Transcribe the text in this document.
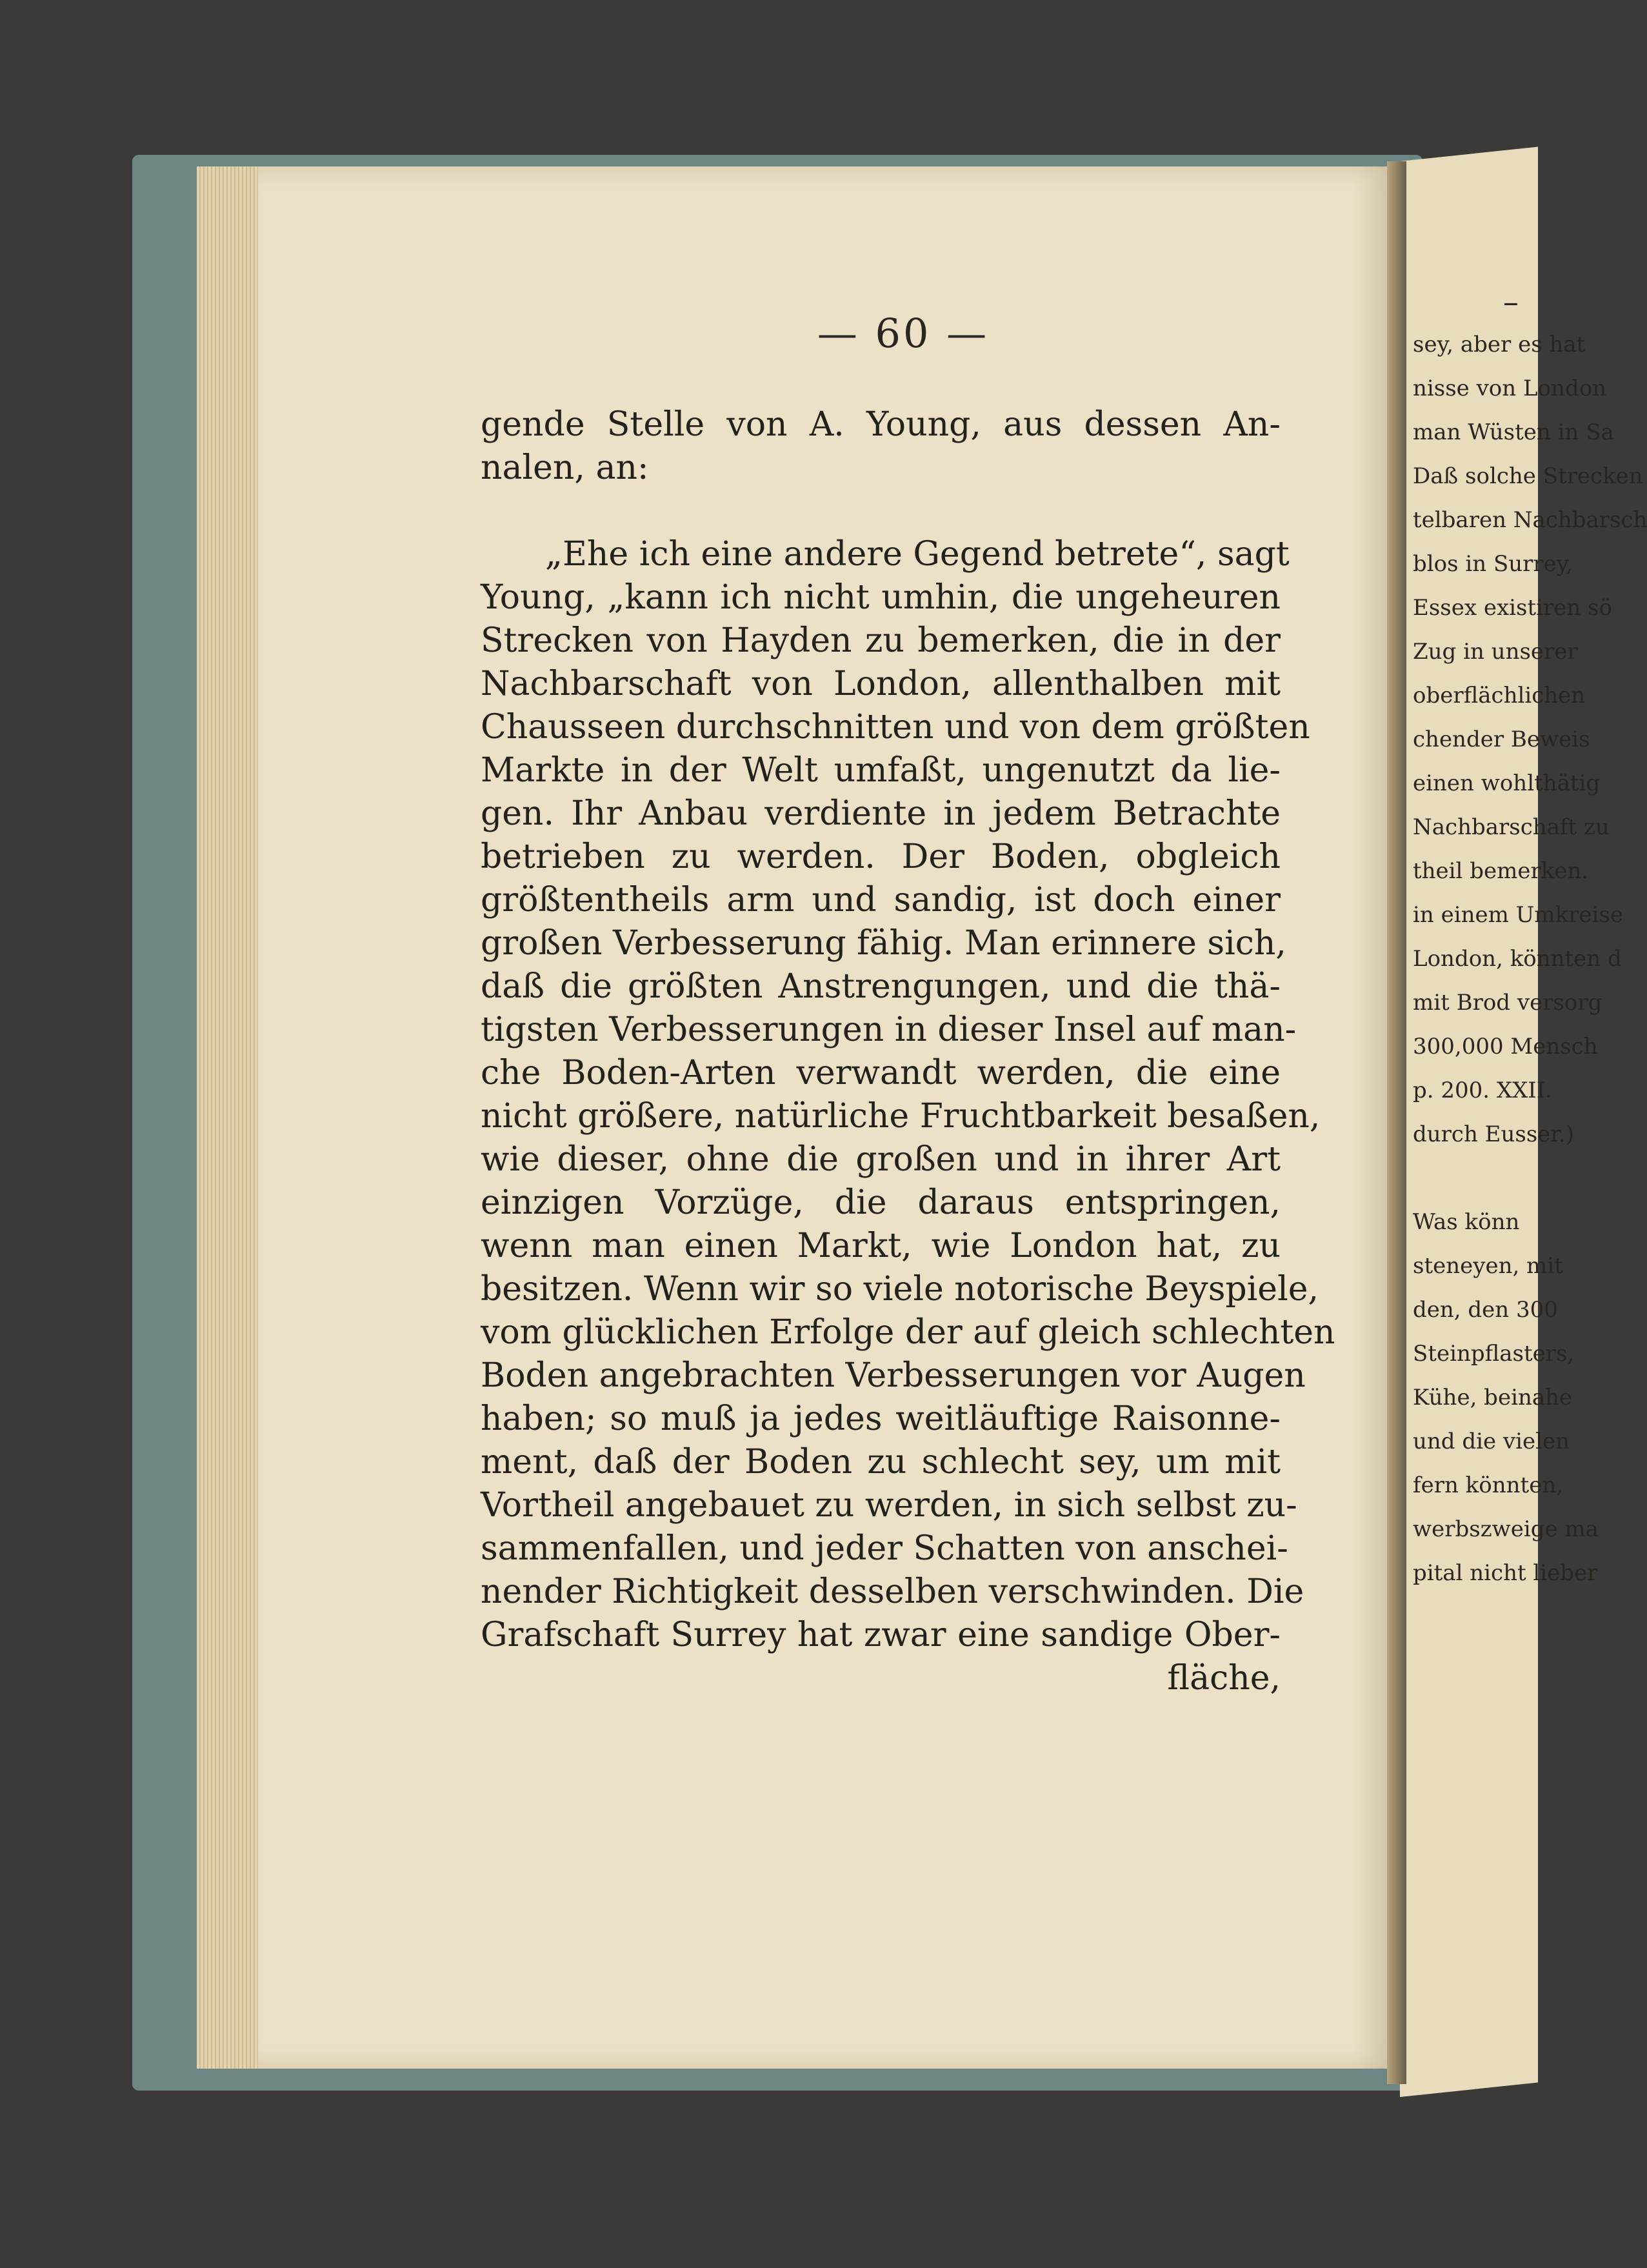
— 60 —
gende Stelle von A. Young, aus dessen An-
nalen, an:
„Ehe ich eine andere Gegend betrete“, sagt
Young, „kann ich nicht umhin, die ungeheuren
Strecken von Hayden zu bemerken, die in der
Nachbarschaft von London, allenthalben mit
Chausseen durchschnitten und von dem größten
Markte in der Welt umfaßt, ungenutzt da lie-
gen. Ihr Anbau verdiente in jedem Betrachte
betrieben zu werden. Der Boden, obgleich
größtentheils arm und sandig, ist doch einer
großen Verbesserung fähig. Man erinnere sich,
daß die größten Anstrengungen, und die thä-
tigsten Verbesserungen in dieser Insel auf man-
che Boden-Arten verwandt werden, die eine
nicht größere, natürliche Fruchtbarkeit besaßen,
wie dieser, ohne die großen und in ihrer Art
einzigen Vorzüge, die daraus entspringen,
wenn man einen Markt, wie London hat, zu
besitzen. Wenn wir so viele notorische Beyspiele,
vom glücklichen Erfolge der auf gleich schlechten
Boden angebrachten Verbesserungen vor Augen
haben; so muß ja jedes weitläuftige Raisonne-
ment, daß der Boden zu schlecht sey, um mit
Vortheil angebauet zu werden, in sich selbst zu-
sammenfallen, und jeder Schatten von anschei-
nender Richtigkeit desselben verschwinden. Die
Grafschaft Surrey hat zwar eine sandige Ober-
fläche,
–
sey, aber es hat
nisse von London
man Wüsten in Sa
Daß solche Strecken
telbaren Nachbarsch
blos in Surrey,
Essex existiren sö
Zug in unserer
oberflächlichen
chender Beweis
einen wohlthätig
Nachbarschaft zu
theil bemerken.
in einem Umkreise
London, könnten d
mit Brod versorg
300,000 Mensch
p. 200. XXII.
durch Eusser.)
Was könn
steneyen, mit
den, den 300
Steinpflasters,
Kühe, beinahe
und die vielen
fern könnten,
werbszweige ma
pital nicht lieber
